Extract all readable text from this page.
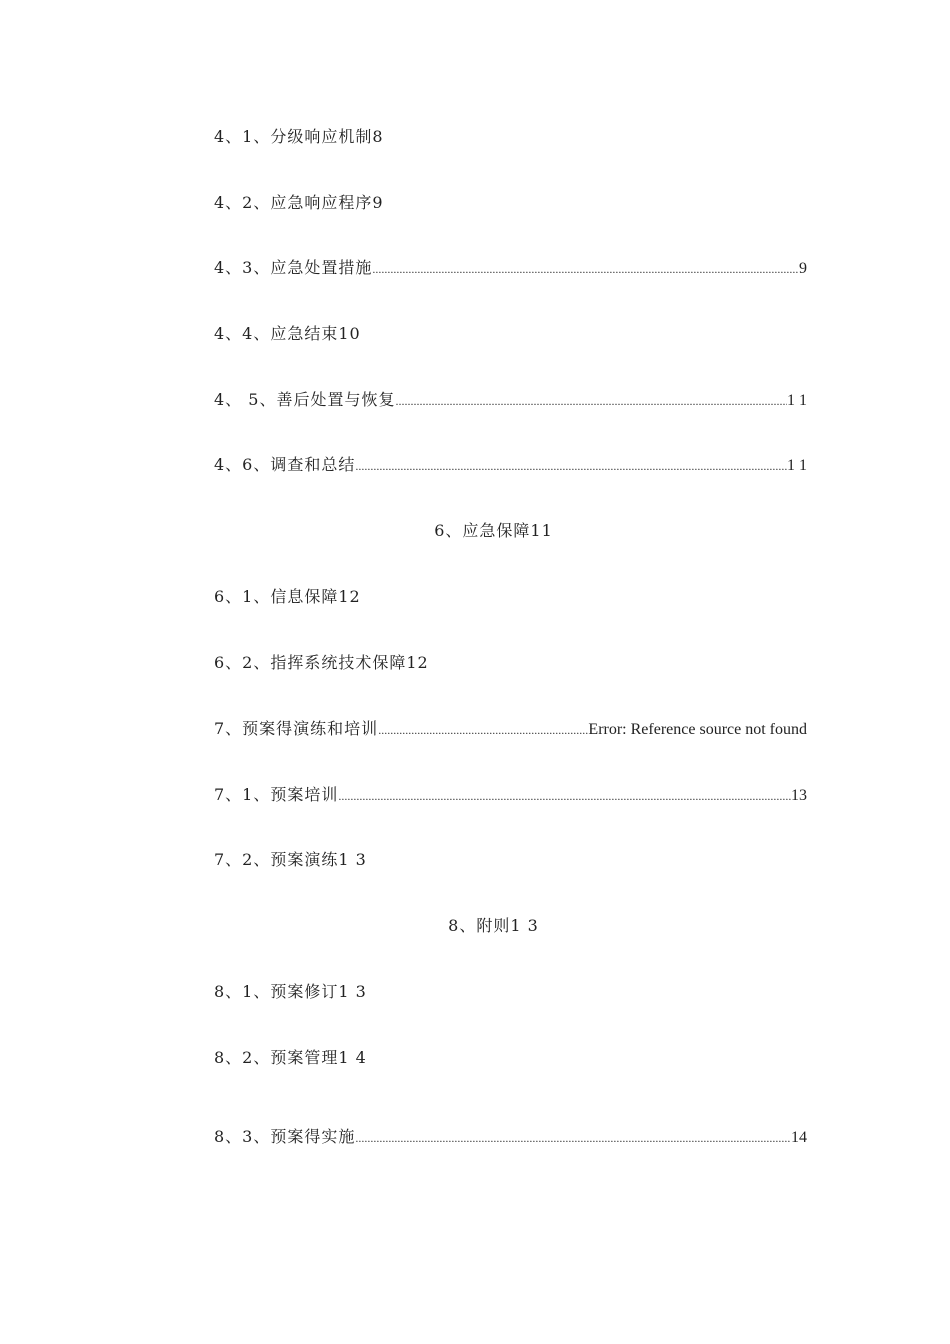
4、1、分级响应机制8
4、2、应急响应程序9
4、3、应急处置措施 .....	9
4、4、应急结束10
4、 5、善后处置与恢复 .....	1 1
4、6、调查和总结 .....	1 1
6、应急保障11
6、1、信息保障12
6、2、指挥系统技术保障12
7、预案得演练和培训 .....	Error: Reference source not found
7、1、预案培训 .....	13
7、2、预案演练1 3
8、附则1 3
8、1、预案修订1 3
8、2、预案管理1 4
8、3、预案得实施 .....	14
